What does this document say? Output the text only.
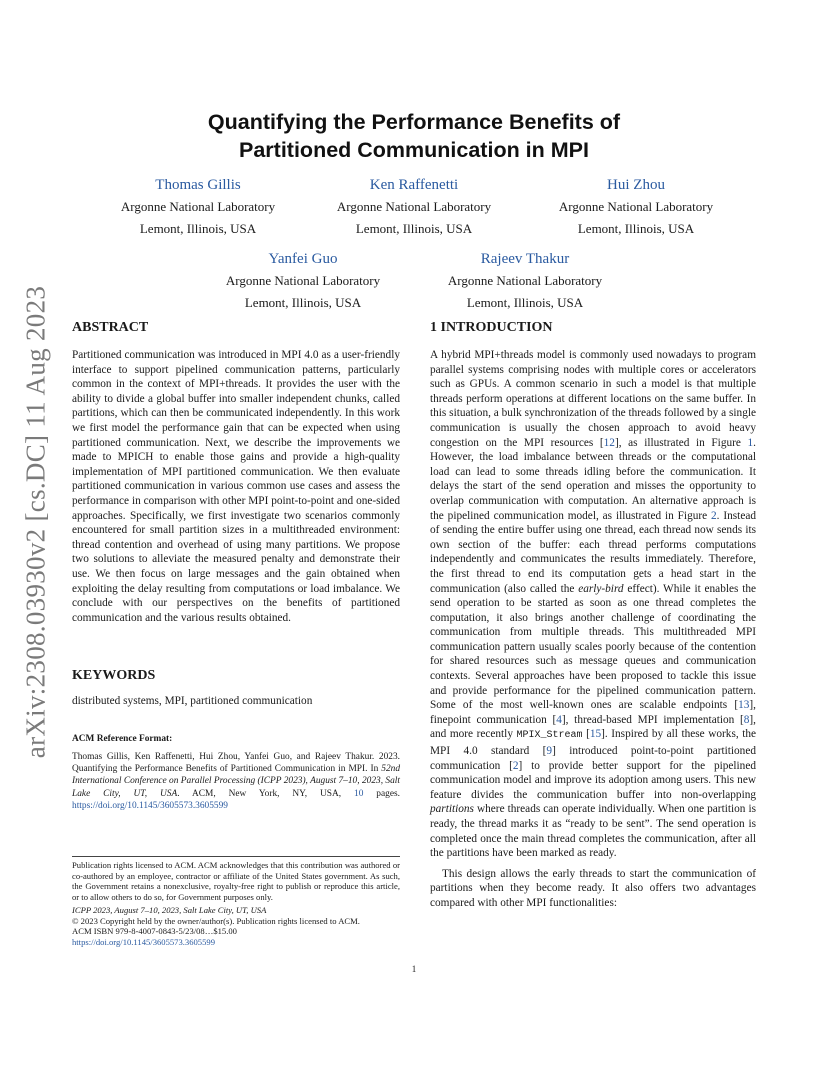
Quantifying the Performance Benefits of
Partitioned Communication in MPI
Thomas Gillis
Argonne National Laboratory
Lemont, Illinois, USA
Ken Raffenetti
Argonne National Laboratory
Lemont, Illinois, USA
Hui Zhou
Argonne National Laboratory
Lemont, Illinois, USA
Yanfei Guo
Argonne National Laboratory
Lemont, Illinois, USA
Rajeev Thakur
Argonne National Laboratory
Lemont, Illinois, USA
arXiv:2308.03930v2 [cs.DC] 11 Aug 2023 ABSTRACT
Partitioned communication was introduced in MPI 4.0 as a user-friendly interface to support pipelined communication patterns, particularly common in the context of MPI+threads. It provides the user with the ability to divide a global buffer into smaller independent chunks, called partitions, which can then be communicated independently. In this work we first model the performance gain that can be expected when using partitioned communication. Next, we describe the improvements we made to MPICH to enable those gains and provide a high-quality implementation of MPI partitioned communication. We then evaluate partitioned communication in various common use cases and assess the performance in comparison with other MPI point-to-point and one-sided approaches. Specifically, we first investigate two scenarios commonly encountered for small partition sizes in a multithreaded environment: thread contention and overhead of using many partitions. We propose two solutions to alleviate the measured penalty and demonstrate their use. We then focus on large messages and the gain obtained when exploiting the delay resulting from computations or load imbalance. We conclude with our perspectives on the benefits of partitioned communication and the various results obtained.
KEYWORDS
distributed systems, MPI, partitioned communication
ACM Reference Format:
Thomas Gillis, Ken Raffenetti, Hui Zhou, Yanfei Guo, and Rajeev Thakur. 2023. Quantifying the Performance Benefits of Partitioned Communication in MPI. In 52nd International Conference on Parallel Processing (ICPP 2023), August 7–10, 2023, Salt Lake City, UT, USA. ACM, New York, NY, USA, 10 pages. https://doi.org/10.1145/3605573.3605599
Publication rights licensed to ACM. ACM acknowledges that this contribution was authored or co-authored by an employee, contractor or affiliate of the United States government. As such, the Government retains a nonexclusive, royalty-free right to publish or reproduce this article, or to allow others to do so, for Government purposes only.
ICPP 2023, August 7–10, 2023, Salt Lake City, UT, USA
© 2023 Copyright held by the owner/author(s). Publication rights licensed to ACM.
ACM ISBN 979-8-4007-0843-5/23/08…$15.00
https://doi.org/10.1145/3605573.3605599
1 INTRODUCTION

A hybrid MPI+threads model is commonly used nowadays to program parallel systems comprising nodes with multiple cores or accelerators such as GPUs. A common scenario in such a model is that multiple threads perform operations at different locations on the same buffer. In this situation, a bulk synchronization of the threads followed by a single communication is usually the chosen approach to avoid heavy congestion on the MPI resources [12], as illustrated in Figure 1. However, the load imbalance between threads or the computational load can lead to some threads idling before the communication. It delays the start of the send operation and misses the opportunity to overlap communication with computation. An alternative approach is the pipelined communication model, as illustrated in Figure 2. Instead of sending the entire buffer using one thread, each thread now sends its own section of the buffer: each thread performs computations independently and communicates the results immediately. Therefore, the first thread to end its computation gets a head start in the communication (also called the early-bird effect). While it enables the send operation to be started as soon as one thread completes the computation, it also brings another challenge of coordinating the communication from multiple threads. This multithreaded MPI communication pattern usually scales poorly because of the contention for shared resources such as message queues and communication contexts. Several approaches have been proposed to tackle this issue and provide performance for the pipelined communication pattern. Some of the most well-known ones are scalable endpoints [13], finepoint communication [4], thread-based MPI implementation [8], and more recently MPIX_Stream [15]. Inspired by all these works, the MPI 4.0 standard [9] introduced point-to-point partitioned communication [2] to provide better support for the pipelined communication model and improve its adoption among users. This new feature divides the communication buffer into non-overlapping partitions where threads can operate individually. When one partition is ready, the thread marks it as “ready to be sent”. The send operation is completed once the main thread completes the communication, after all the partitions have been marked as ready.

This design allows the early threads to start the communication of partitions when they become ready. It also offers two advantages compared with other MPI functionalities:

1
